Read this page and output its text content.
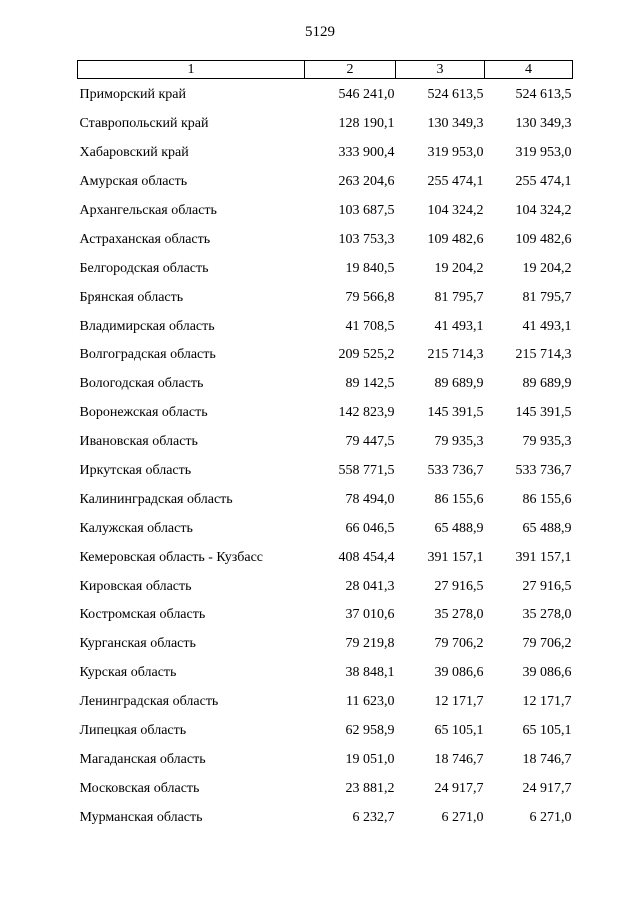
5129
1	2	3	4
Приморский край	546 241,0	524 613,5	524 613,5
Ставропольский край	128 190,1	130 349,3	130 349,3
Хабаровский край	333 900,4	319 953,0	319 953,0
Амурская область	263 204,6	255 474,1	255 474,1
Архангельская область	103 687,5	104 324,2	104 324,2
Астраханская область	103 753,3	109 482,6	109 482,6
Белгородская область	19 840,5	19 204,2	19 204,2
Брянская область	79 566,8	81 795,7	81 795,7
Владимирская область	41 708,5	41 493,1	41 493,1
Волгоградская область	209 525,2	215 714,3	215 714,3
Вологодская область	89 142,5	89 689,9	89 689,9
Воронежская область	142 823,9	145 391,5	145 391,5
Ивановская область	79 447,5	79 935,3	79 935,3
Иркутская область	558 771,5	533 736,7	533 736,7
Калининградская область	78 494,0	86 155,6	86 155,6
Калужская область	66 046,5	65 488,9	65 488,9
Кемеровская область - Кузбасс	408 454,4	391 157,1	391 157,1
Кировская область	28 041,3	27 916,5	27 916,5
Костромская область	37 010,6	35 278,0	35 278,0
Курганская область	79 219,8	79 706,2	79 706,2
Курская область	38 848,1	39 086,6	39 086,6
Ленинградская область	11 623,0	12 171,7	12 171,7
Липецкая область	62 958,9	65 105,1	65 105,1
Магаданская область	19 051,0	18 746,7	18 746,7
Московская область	23 881,2	24 917,7	24 917,7
Мурманская область	6 232,7	6 271,0	6 271,0
